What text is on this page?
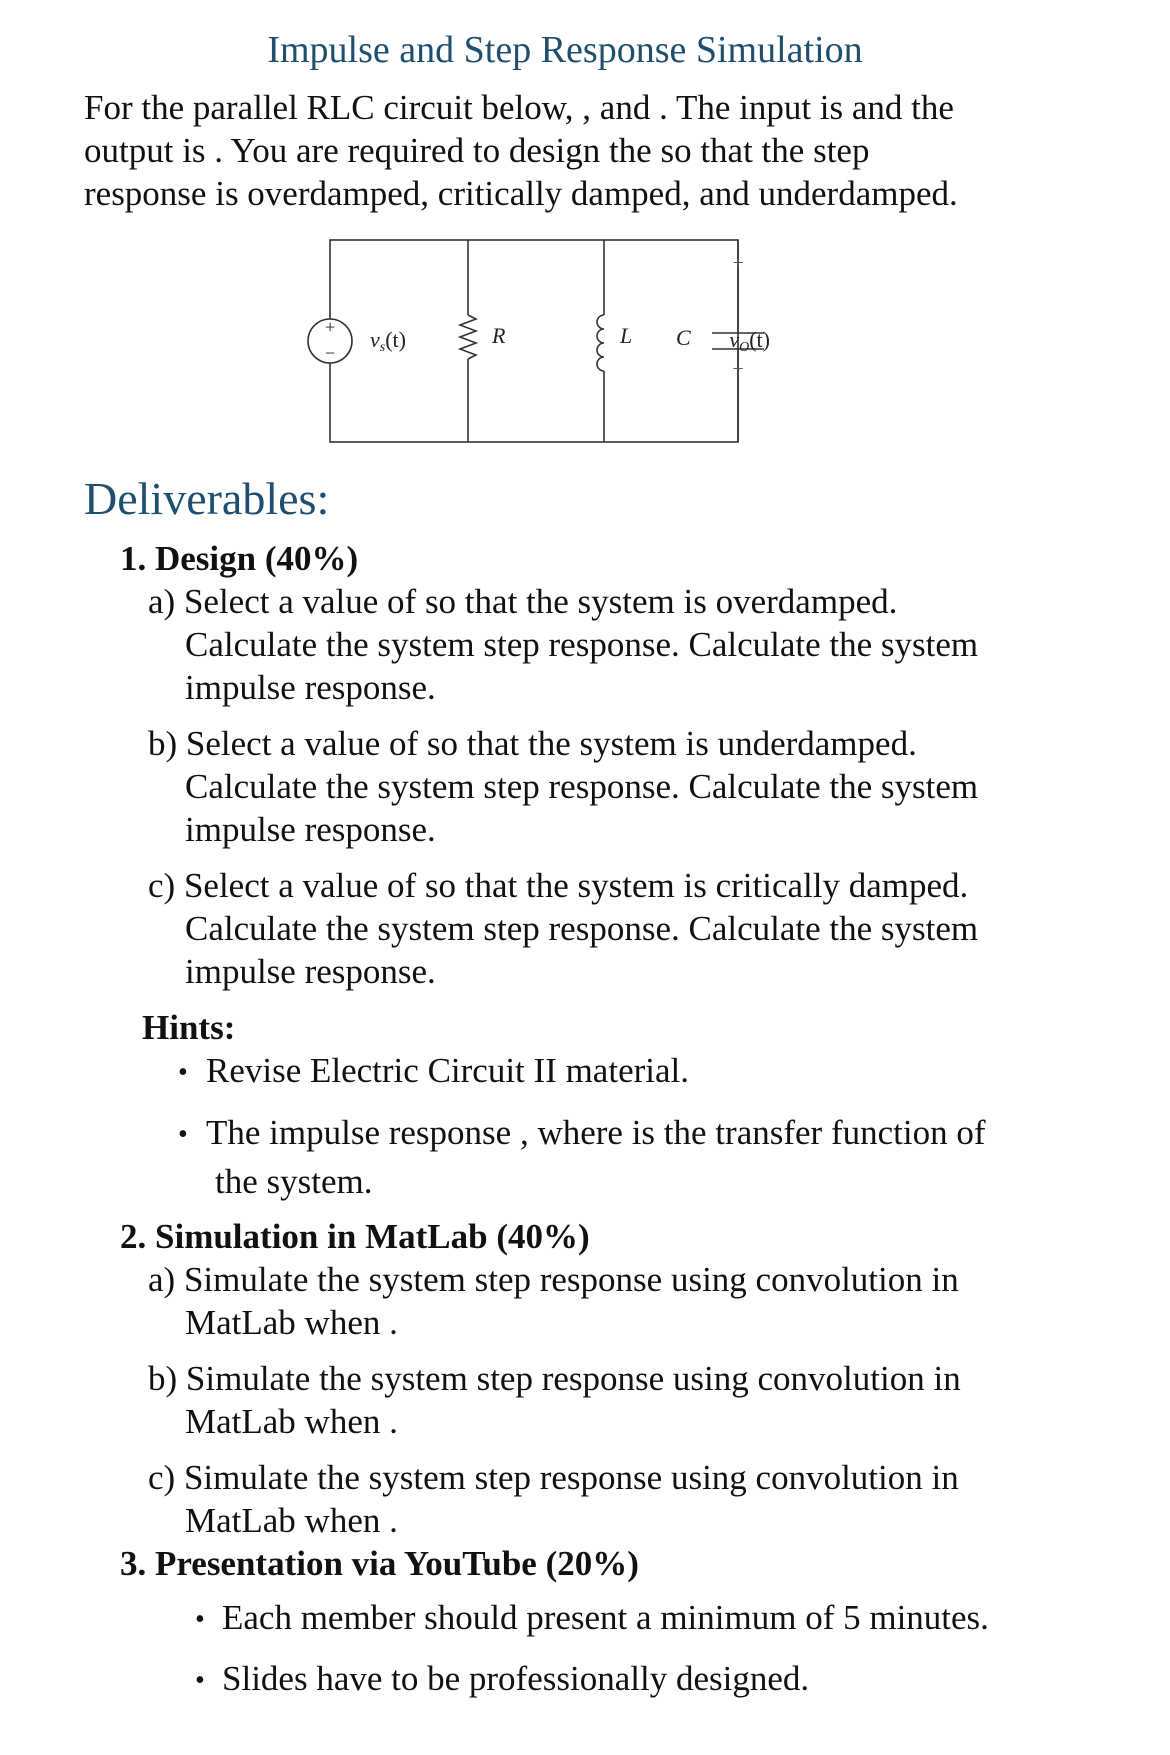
Impulse and Step Response Simulation
For the parallel RLC circuit below, , and . The input is and the
output is . You are required to design the so that the step
response is overdamped, critically damped, and underdamped.
+
−
vs(t)	R	L C
+
−
vO(t)
Deliverables:
1. Design (40%)
a) Select a value of so that the system is overdamped.
Calculate the system step response. Calculate the system
impulse response.
b) Select a value of so that the system is underdamped.
Calculate the system step response. Calculate the system
impulse response.
c) Select a value of so that the system is critically damped.
Calculate the system step response. Calculate the system
impulse response.
Hints:
• Revise Electric Circuit II material.
• The impulse response , where is the transfer function of
the system.
2. Simulation in MatLab (40%)
a) Simulate the system step response using convolution in
MatLab when .
b) Simulate the system step response using convolution in
MatLab when .
c) Simulate the system step response using convolution in
MatLab when .
3. Presentation via YouTube (20%)
• Each member should present a minimum of 5 minutes.
• Slides have to be professionally designed.
